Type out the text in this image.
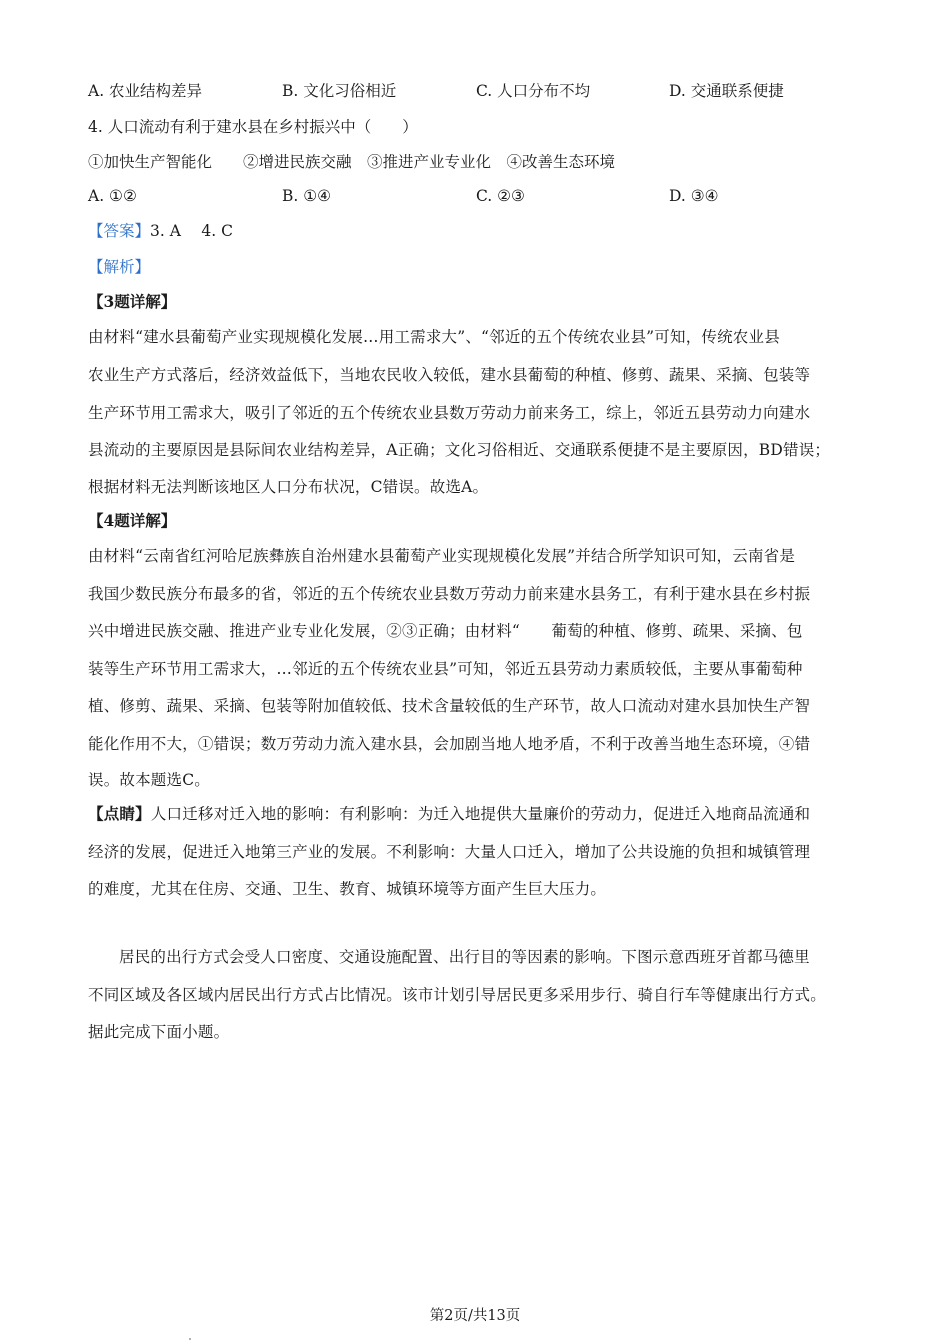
A. 农业结构差异	B. 文化习俗相近	C. 人口分布不均	D. 交通联系便捷
4. 人口流动有利于建水县在乡村振兴中（　　）
①加快生产智能化　　②增进民族交融　③推进产业专业化　④改善生态环境
A. ①②	B. ①④	C. ②③	D. ③④
【答案】3. A　 4. C
【解析】
【3题详解】
由材料“建水县葡萄产业实现规模化发展…用工需求大”、“邻近的五个传统农业县”可知，传统农业县
农业生产方式落后，经济效益低下，当地农民收入较低，建水县葡萄的种植、修剪、蔬果、采摘、包装等
生产环节用工需求大，吸引了邻近的五个传统农业县数万劳动力前来务工，综上，邻近五县劳动力向建水
县流动的主要原因是县际间农业结构差异，A正确；文化习俗相近、交通联系便捷不是主要原因，BD错误；
根据材料无法判断该地区人口分布状况，C错误。故选A。
【4题详解】
由材料“云南省红河哈尼族彝族自治州建水县葡萄产业实现规模化发展”并结合所学知识可知，云南省是
我国少数民族分布最多的省，邻近的五个传统农业县数万劳动力前来建水县务工，有利于建水县在乡村振
兴中增进民族交融、推进产业专业化发展，②③正确；由材料“　　葡萄的种植、修剪、疏果、采摘、包
装等生产环节用工需求大，…邻近的五个传统农业县”可知，邻近五县劳动力素质较低，主要从事葡萄种
植、修剪、蔬果、采摘、包装等附加值较低、技术含量较低的生产环节，故人口流动对建水县加快生产智
能化作用不大，①错误；数万劳动力流入建水县，会加剧当地人地矛盾，不利于改善当地生态环境，④错
误。故本题选C。
【点睛】人口迁移对迁入地的影响：有利影响：为迁入地提供大量廉价的劳动力，促进迁入地商品流通和
经济的发展，促进迁入地第三产业的发展。不利影响：大量人口迁入，增加了公共设施的负担和城镇管理
的难度，尤其在住房、交通、卫生、教育、城镇环境等方面产生巨大压力。
居民的出行方式会受人口密度、交通设施配置、出行目的等因素的影响。下图示意西班牙首都马德里
不同区域及各区域内居民出行方式占比情况。该市计划引导居民更多采用步行、骑自行车等健康出行方式。
据此完成下面小题。
第2页/共13页
